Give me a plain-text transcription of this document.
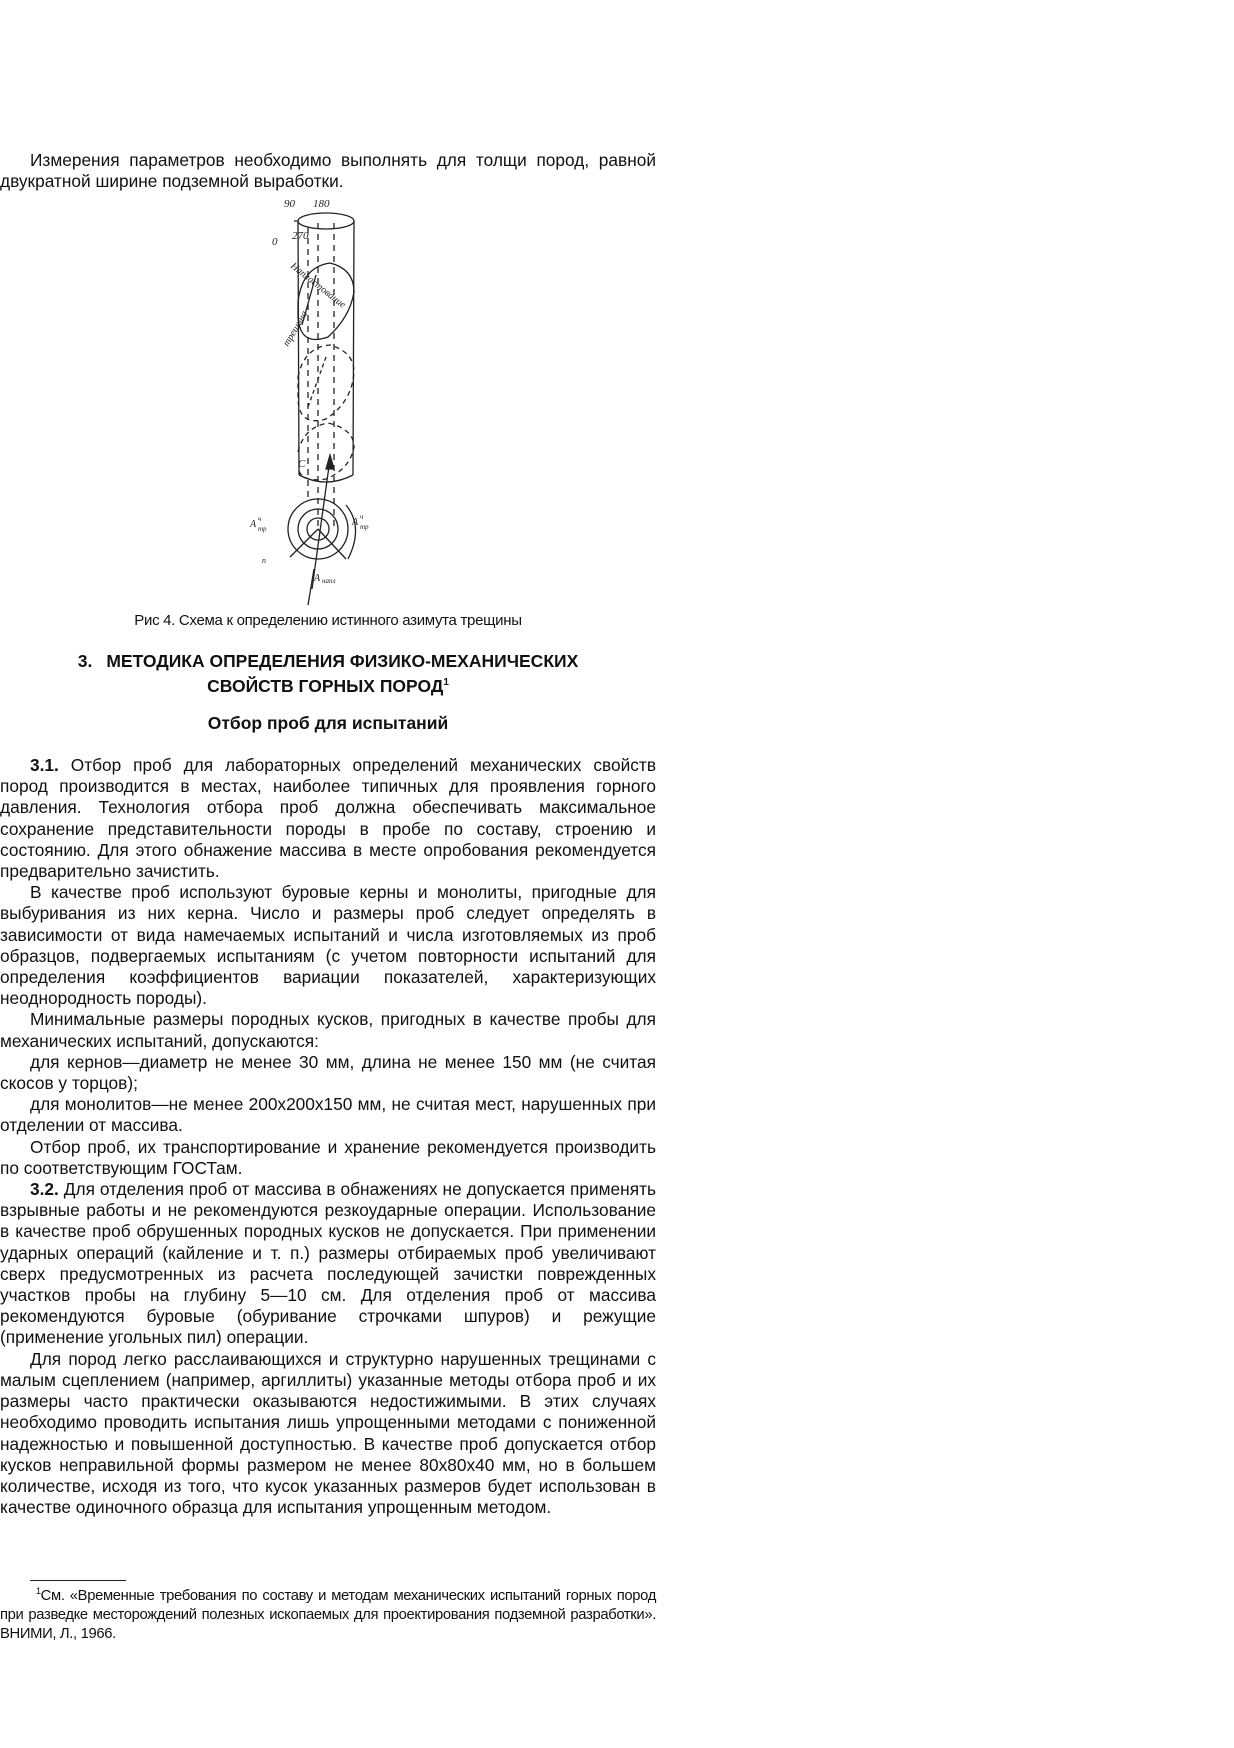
Измерения параметров необходимо выполнять для толщи пород, равной двукратной ширине подземной выработки.

90 180
270
0
Напластование
трещина
С
A ч
тр
A ч
тр
A напл
n
Рис 4. Схема к определению истинного азимута трещины
3. МЕТОДИКА ОПРЕДЕЛЕНИЯ ФИЗИКО-МЕХАНИЧЕСКИХ
СВОЙСТВ ГОРНЫХ ПОРОД$^1$
Отбор проб для испытаний

3.1. Отбор проб для лабораторных определений механических свойств пород производится в местах, наиболее типичных для проявления горного давления. Технология отбора проб должна обеспечивать максимальное сохранение представительности породы в пробе по составу, строению и состоянию. Для этого обнажение массива в месте опробования рекомендуется предварительно зачистить.

В качестве проб используют буровые керны и монолиты, пригодные для выбуривания из них керна. Число и размеры проб следует определять в зависимости от вида намечаемых испытаний и числа изготовляемых из проб образцов, подвергаемых испытаниям (с учетом повторности испытаний для определения коэффициентов вариации показателей, характеризующих неоднородность породы).

Минимальные размеры породных кусков, пригодных в качестве пробы для механических испытаний, допускаются:

для кернов—диаметр не менее 30 мм, длина не менее 150 мм (не считая скосов у торцов);

для монолитов—не менее 200х200х150 мм, не считая мест, нарушенных при отделении от массива.

Отбор проб, их транспортирование и хранение рекомендуется производить по соответствующим ГОСТам.

3.2. Для отделения проб от массива в обнажениях не допускается применять взрывные работы и не рекомендуются резкоударные операции. Использование в качестве проб обрушенных породных кусков не допускается. При применении ударных операций (кайление и т. п.) размеры отбираемых проб увеличивают сверх предусмотренных из расчета последующей зачистки поврежденных участков пробы на глубину 5—10 см. Для отделения проб от массива рекомендуются буровые (обуривание строчками шпуров) и режущие (применение угольных пил) операции.

Для пород легко расслаивающихся и структурно нарушенных трещинами с малым сцеплением (например, аргиллиты) указанные методы отбора проб и их размеры часто практически оказываются недостижимыми. В этих случаях необходимо проводить испытания лишь упрощенными методами с пониженной надежностью и повышенной доступностью. В качестве проб допускается отбор кусков неправильной формы размером не менее 80х80х40 мм, но в большем количестве, исходя из того, что кусок указанных размеров будет использован в качестве одиночного образца для испытания упрощенным методом.

$^1$См. «Временные требования по составу и методам механических испытаний горных пород при разведке месторождений полезных ископаемых для проектирования подземной разработки». ВНИМИ, Л., 1966.
